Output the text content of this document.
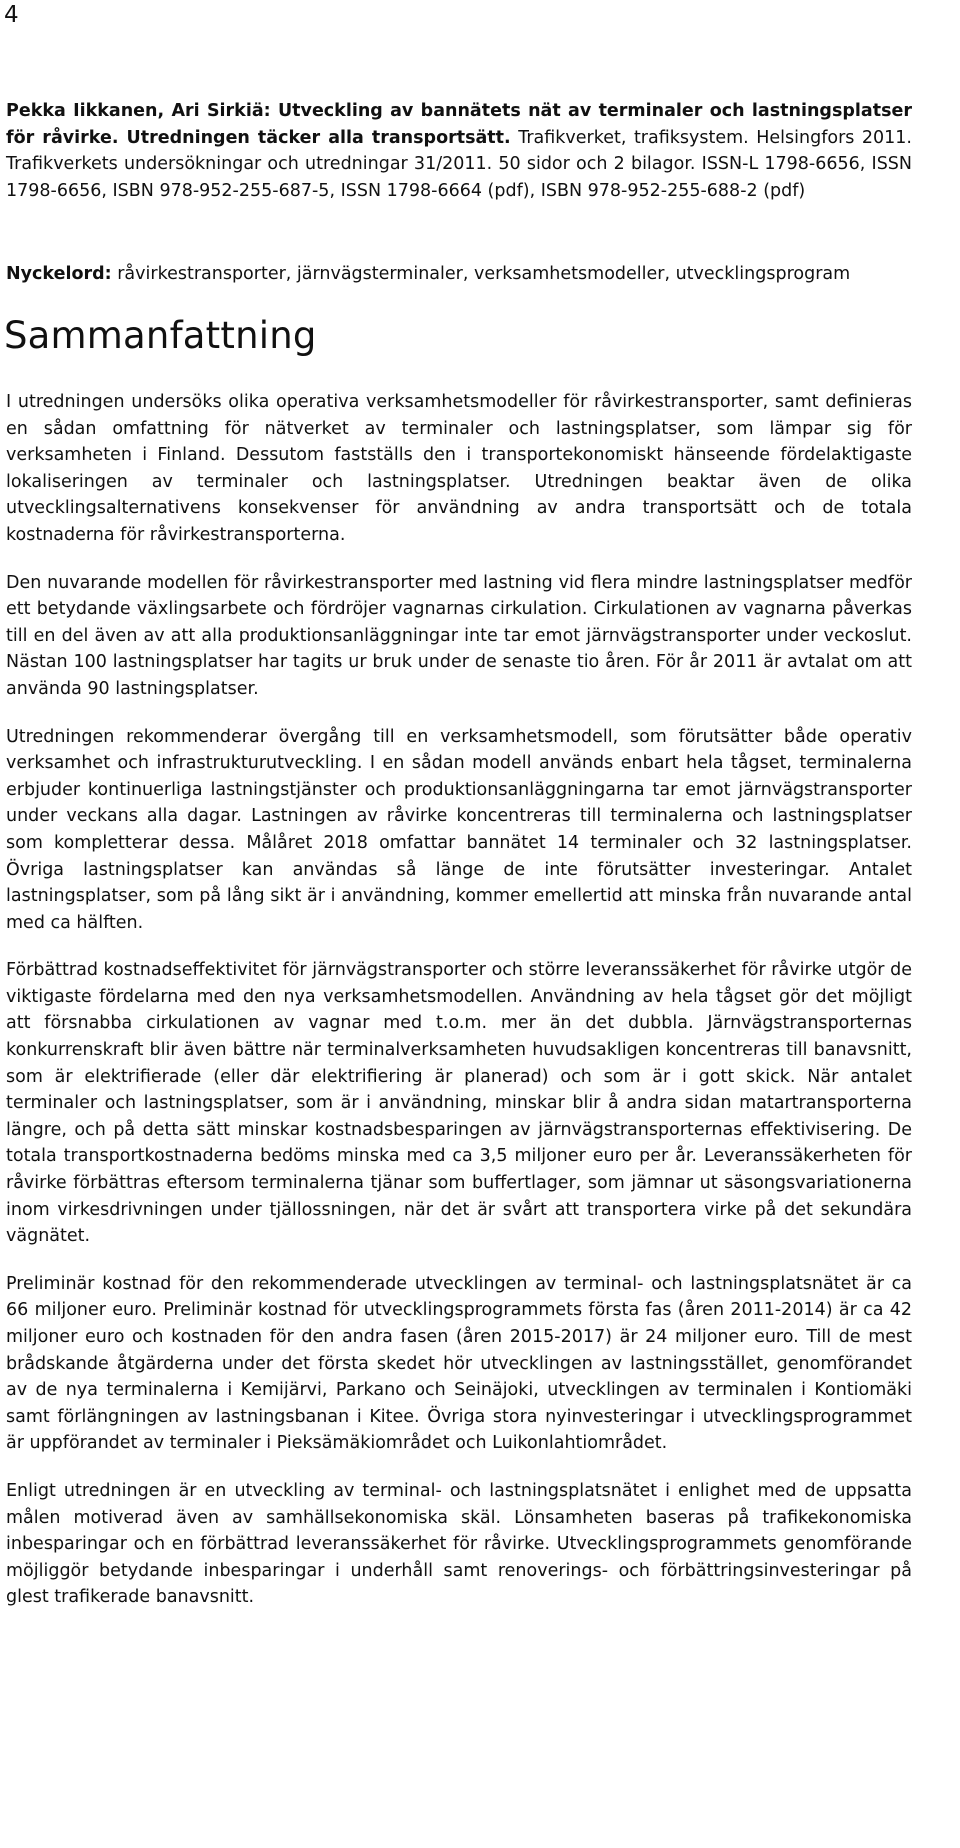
4

Pekka Iikkanen, Ari Sirkiä: Utveckling av bannätets nät av terminaler och lastningsplatser för råvirke. Utredningen täcker alla transportsätt. Trafikverket, trafiksystem. Helsingfors 2011. Trafikverkets undersökningar och utredningar 31/2011. 50 sidor och 2 bilagor. ISSN-L 1798-6656, ISSN 1798-6656, ISBN 978-952-255-687-5, ISSN 1798-6664 (pdf), ISBN 978-952-255-688-2 (pdf)

Nyckelord: råvirkestransporter, järnvägsterminaler, verksamhetsmodeller, utvecklingsprogram

Sammanfattning

I utredningen undersöks olika operativa verksamhetsmodeller för råvirkestransporter, samt definieras en sådan omfattning för nätverket av terminaler och lastningsplatser, som lämpar sig för verksamheten i Finland. Dessutom fastställs den i transportekonomiskt hänseende fördelaktigaste lokaliseringen av terminaler och lastningsplatser. Utredningen beaktar även de olika utvecklingsalternativens konsekvenser för användning av andra transportsätt och de totala kostnaderna för råvirkestransporterna.

Den nuvarande modellen för råvirkestransporter med lastning vid flera mindre lastningsplatser medför ett betydande växlingsarbete och fördröjer vagnarnas cirkulation. Cirkulationen av vagnarna påverkas till en del även av att alla produktionsanläggningar inte tar emot järnvägstransporter under veckoslut. Nästan 100 lastningsplatser har tagits ur bruk under de senaste tio åren. För år 2011 är avtalat om att använda 90 lastningsplatser.

Utredningen rekommenderar övergång till en verksamhetsmodell, som förutsätter både operativ verksamhet och infrastrukturutveckling. I en sådan modell används enbart hela tågset, terminalerna erbjuder kontinuerliga lastningstjänster och produktionsanläggningarna tar emot järnvägstransporter under veckans alla dagar. Lastningen av råvirke koncentreras till terminalerna och lastningsplatser som kompletterar dessa. Målåret 2018 omfattar bannätet 14 terminaler och 32 lastningsplatser. Övriga lastningsplatser kan användas så länge de inte förutsätter investeringar. Antalet lastningsplatser, som på lång sikt är i användning, kommer emellertid att minska från nuvarande antal med ca hälften.

Förbättrad kostnadseffektivitet för järnvägstransporter och större leveranssäkerhet för råvirke utgör de viktigaste fördelarna med den nya verksamhetsmodellen. Användning av hela tågset gör det möjligt att försnabba cirkulationen av vagnar med t.o.m. mer än det dubbla. Järnvägstransporternas konkurrenskraft blir även bättre när terminalverksamheten huvudsakligen koncentreras till banavsnitt, som är elektrifierade (eller där elektrifiering är planerad) och som är i gott skick. När antalet terminaler och lastningsplatser, som är i användning, minskar blir å andra sidan matartransporterna längre, och på detta sätt minskar kostnadsbesparingen av järnvägstransporternas effektivisering. De totala transportkostnaderna bedöms minska med ca 3,5 miljoner euro per år. Leveranssäkerheten för råvirke förbättras eftersom terminalerna tjänar som buffertlager, som jämnar ut säsongsvariationerna inom virkesdrivningen under tjällossningen, när det är svårt att transportera virke på det sekundära vägnätet.

Preliminär kostnad för den rekommenderade utvecklingen av terminal- och lastningsplatsnätet är ca 66 miljoner euro. Preliminär kostnad för utvecklingsprogrammets första fas (åren 2011-2014) är ca 42 miljoner euro och kostnaden för den andra fasen (åren 2015-2017) är 24 miljoner euro. Till de mest brådskande åtgärderna under det första skedet hör utvecklingen av lastningsstället, genomförandet av de nya terminalerna i Kemijärvi, Parkano och Seinäjoki, utvecklingen av terminalen i Kontiomäki samt förlängningen av lastningsbanan i Kitee. Övriga stora nyinvesteringar i utvecklingsprogrammet är uppförandet av terminaler i Pieksämäkiområdet och Luikonlahtiområdet.

Enligt utredningen är en utveckling av terminal- och lastningsplatsnätet i enlighet med de uppsatta målen motiverad även av samhällsekonomiska skäl. Lönsamheten baseras på trafikekonomiska inbesparingar och en förbättrad leveranssäkerhet för råvirke. Utvecklingsprogrammets genomförande möjliggör betydande inbesparingar i underhåll samt renoverings- och förbättringsinvesteringar på glest trafikerade banavsnitt.
